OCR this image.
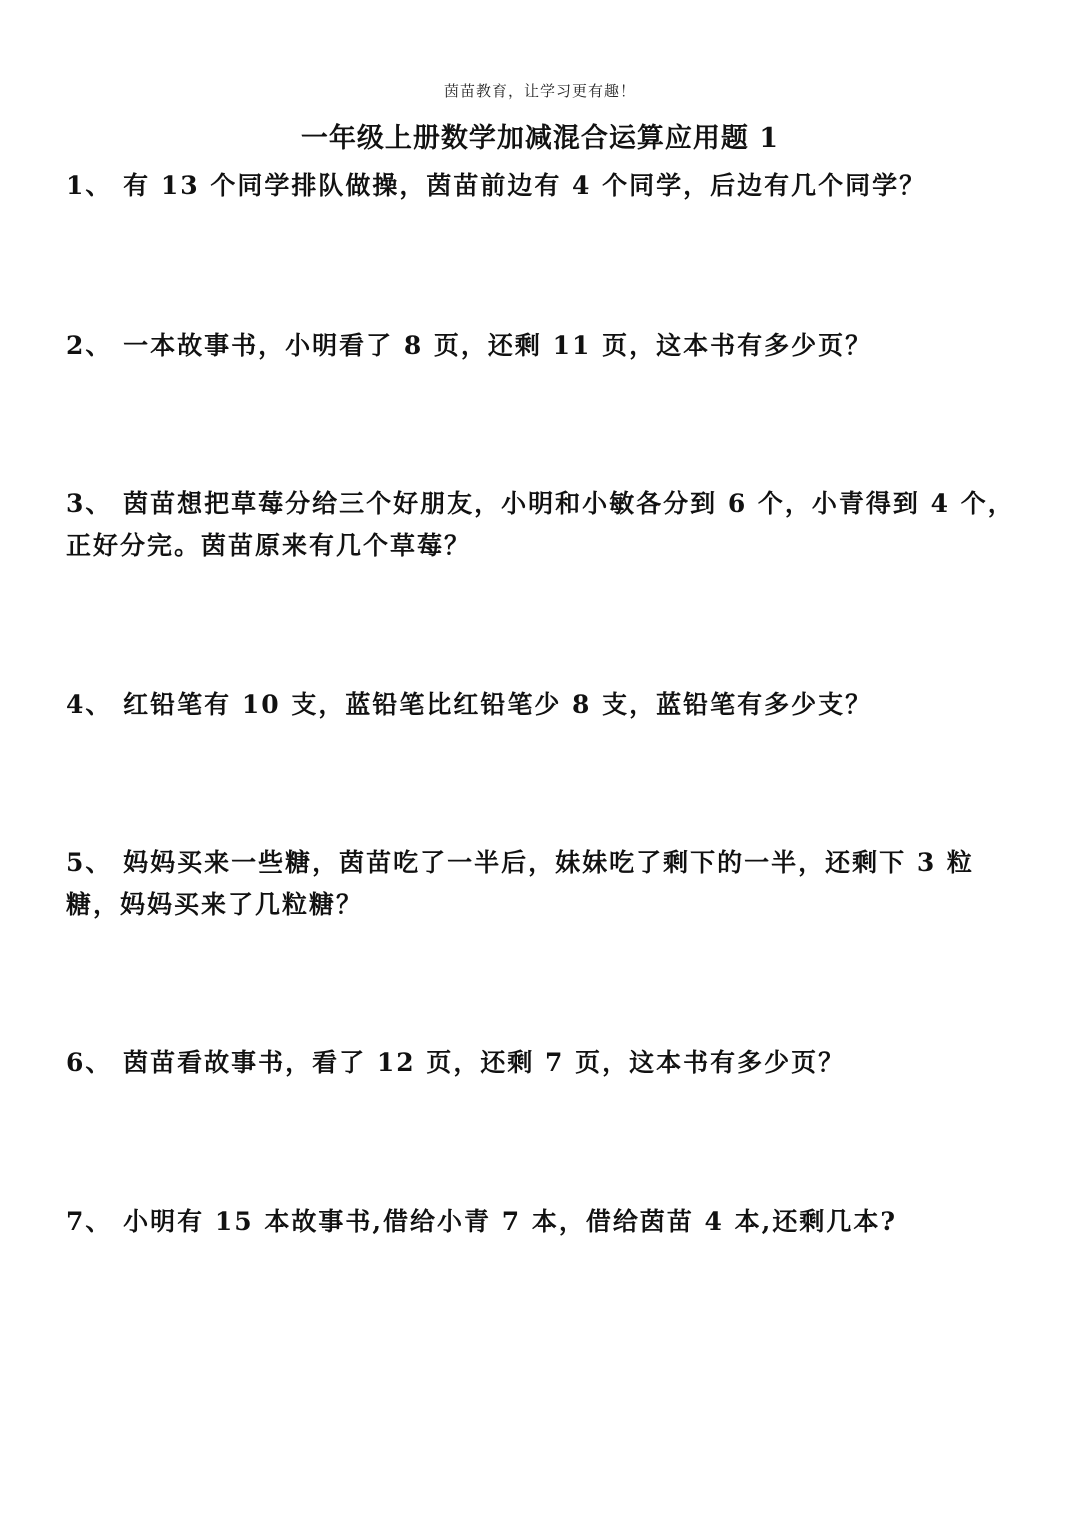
茵苗教育，让学习更有趣！
一年级上册数学加减混合运算应用题 1
1、 有 13 个同学排队做操，茵苗前边有 4 个同学，后边有几个同学？
2、 一本故事书，小明看了 8 页，还剩 11 页，这本书有多少页？
3、 茵苗想把草莓分给三个好朋友，小明和小敏各分到 6 个，小青得到 4 个，正好分完。茵苗原来有几个草莓？
4、 红铅笔有 10 支，蓝铅笔比红铅笔少 8 支，蓝铅笔有多少支？
5、 妈妈买来一些糖，茵苗吃了一半后，妹妹吃了剩下的一半，还剩下 3 粒糖，妈妈买来了几粒糖？
6、 茵苗看故事书，看了 12 页，还剩 7 页，这本书有多少页？
7、 小明有 15 本故事书,借给小青 7 本，借给茵苗 4 本,还剩几本?
